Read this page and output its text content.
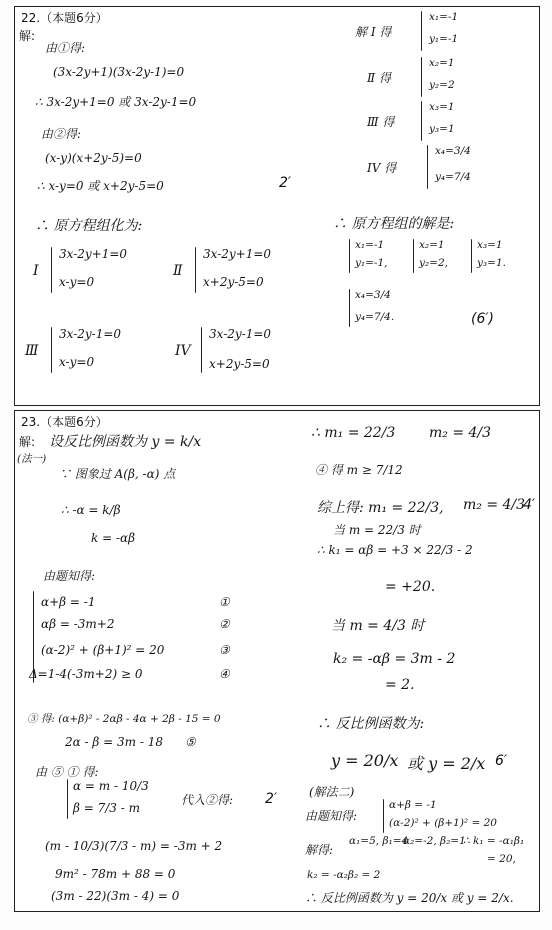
22.（本题6分）
解:
由①得:
(3x-2y+1)(3x-2y-1)=0
∴ 3x-2y+1=0 或 3x-2y-1=0
由②得:
(x-y)(x+2y-5)=0
∴ x-y=0 或 x+2y-5=0	2′
∴ 原方程组化为:
I
3x-2y+1=0
x-y=0
Ⅱ
3x-2y+1=0
x+2y-5=0
Ⅲ
3x-2y-1=0
x-y=0
IV
3x-2y-1=0
x+2y-5=0
解 I 得
x₁=-1
y₁=-1
Ⅱ 得
x₂=1
y₂=2
Ⅲ 得
x₃=1
y₃=1
IV 得
x₄=3/4
y₄=7/4
∴ 原方程组的解是:
x₁=-1
y₁=-1,
x₂=1
y₂=2,
x₃=1
y₃=1.
x₄=3/4
y₄=7/4.	(6′)
23.（本题6分）
解:
(法一)
设反比例函数为 y = k/x
∵ 图象过 A(β, -α) 点
∴ -α = k/β
k = -αβ
由题知得:
α+β = -1
αβ = -3m+2
(α-2)² + (β+1)² = 20
Δ=1-4(-3m+2) ≥ 0
①
②
③
④
③ 得: (α+β)² - 2αβ - 4α + 2β - 15 = 0
2α - β = 3m - 18 ⑤
由 ⑤ ① 得:
α = m - 10/3
β = 7/3 - m
代入②得: 2′
(m - 10/3)(7/3 - m) = -3m + 2
9m² - 78m + 88 = 0
(3m - 22)(3m - 4) = 0
∴ m₁ = 22/3 m₂ = 4/3
④ 得 m ≥ 7/12
综上得: m₁ = 22/3, m₂ = 4/3
4′
当 m = 22/3 时
∴ k₁ = αβ = +3 × 22/3 - 2
= +20.
当 m = 4/3 时
k₂ = -αβ = 3m - 2
= 2.
∴ 反比例函数为:
y = 20/x 或 y = 2/x 6′
(解法二)
由题知得:
α+β = -1
(α-2)² + (β+1)² = 20
解得:
α₁=5, β₁=4
α₂=-2, β₂=1
∴ k₁ = -α₁β₁
= 20,
k₂ = -α₂β₂ = 2
∴ 反比例函数为 y = 20/x 或 y = 2/x.
